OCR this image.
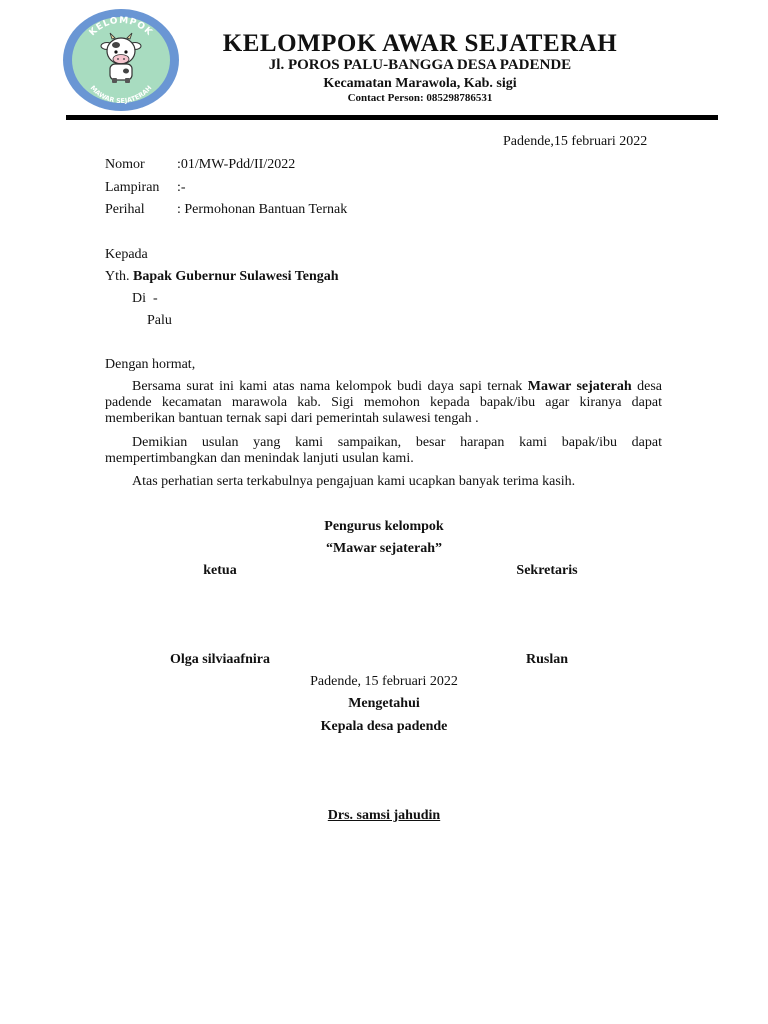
KELOMPOK
MAWAR SEJATERAH
KELOMPOK AWAR SEJATERAH
Jl. POROS PALU-BANGGA DESA PADENDE
Kecamatan Marawola, Kab. sigi
Contact Person: 085298786531
Padende,15 februari 2022
Nomor :01/MW-Pdd/II/2022
Lampiran :-
Perihal : Permohonan Bantuan Ternak
Kepada
Yth. Bapak Gubernur Sulawesi Tengah
Di  -
Palu
Dengan hormat,
Bersama surat ini kami atas nama kelompok budi daya sapi ternak Mawar sejaterah desa padende kecamatan marawola kab. Sigi memohon kepada bapak/ibu agar kiranya dapat memberikan bantuan ternak sapi dari pemerintah sulawesi tengah .
Demikian usulan yang kami sampaikan, besar harapan kami bapak/ibu dapat mempertimbangkan dan menindak lanjuti usulan kami.
Atas perhatian serta terkabulnya pengajuan kami ucapkan banyak terima kasih.
Pengurus kelompok
“Mawar sejaterah”
ketua	Sekretaris
Olga silviaafnira	Ruslan
Padende, 15 februari 2022
Mengetahui
Kepala desa padende
Drs. samsi jahudin
